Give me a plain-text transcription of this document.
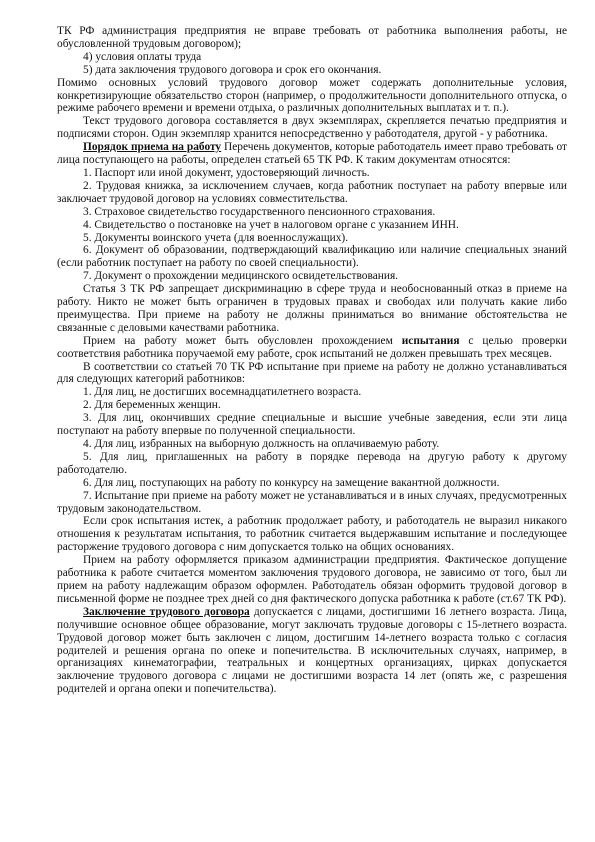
ТК РФ администрация предприятия не вправе требовать от работника выполнения работы, не обусловленной трудовым договором);

4) условия оплаты труда

5) дата заключения трудового договора и срок его окончания.

Помимо основных условий трудового договор может содержать дополнительные условия, конкретизирующие обязательство сторон (например, о продолжительности дополнительного отпуска, о режиме рабочего времени и времени отдыха, о различных дополнительных выплатах и т. п.).

Текст трудового договора составляется в двух экземплярах, скрепляется печатью предприятия и подписями сторон. Один экземпляр хранится непосредственно у работодателя, другой - у работника.

Порядок приема на работу Перечень документов, которые работодатель имеет право требовать от лица поступающего на работы, определен статьей 65 ТК РФ. К таким документам относятся:

1. Паспорт или иной документ, удостоверяющий личность.

2. Трудовая книжка, за исключением случаев, когда работник поступает на работу впервые или заключает трудовой договор на условиях совместительства.

3. Страховое свидетельство государственного пенсионного страхования.

4. Свидетельство о постановке на учет в налоговом органе с указанием ИНН.

5. Документы воинского учета (для военнослужащих).

6. Документ об образовании, подтверждающий квалификацию или наличие специальных знаний (если работник поступает на работу по своей специальности).

7. Документ о прохождении медицинского освидетельствования.

Статья 3 ТК РФ запрещает дискриминацию в сфере труда и необоснованный отказ в приеме на работу. Никто не может быть ограничен в трудовых правах и свободах или получать какие либо преимущества. При приеме на работу не должны приниматься во внимание обстоятельства не связанные с деловыми качествами работника.

Прием на работу может быть обусловлен прохождением испытания с целью проверки соответствия работника поручаемой ему работе, срок испытаний не должен превышать трех месяцев.

В соответствии со статьей 70 ТК РФ испытание при приеме на работу не должно устанавливаться для следующих категорий работников:

1. Для лиц, не достигших восемнадцатилетнего возраста.

2. Для беременных женщин.

3. Для лиц, окончивших средние специальные и высшие учебные заведения, если эти лица поступают на работу впервые по полученной специальности.

4. Для лиц, избранных на выборную должность на оплачиваемую работу.

5. Для лиц, приглашенных на работу в порядке перевода на другую работу к другому работодателю.

6. Для лиц, поступающих на работу по конкурсу на замещение вакантной должности.

7. Испытание при приеме на работу может не устанавливаться и в иных случаях, предусмотренных трудовым законодательством.

Если срок испытания истек, а работник продолжает работу, и работодатель не выразил никакого отношения к результатам испытания, то работник считается выдержавшим испытание и последующее расторжение трудового договора с ним допускается только на общих основаниях.

Прием на работу оформляется приказом администрации предприятия. Фактическое допущение работника к работе считается моментом заключения трудового договора, не зависимо от того, был ли прием на работу надлежащим образом оформлен. Работодатель обязан оформить трудовой договор в письменной форме не позднее трех дней со дня фактического допуска работника к работе (ст.67 ТК РФ).

Заключение трудового договора допускается с лицами, достигшими 16 летнего возраста. Лица, получившие основное общее образование, могут заключать трудовые договоры с 15-летнего возраста. Трудовой договор может быть заключен с лицом, достигшим 14-летнего возраста только с согласия родителей и решения органа по опеке и попечительства. В исключительных случаях, например, в организациях кинематографии, театральных и концертных организациях, цирках допускается заключение трудового договора с лицами не достигшими возраста 14 лет (опять же, с разрешения родителей и органа опеки и попечительства).
